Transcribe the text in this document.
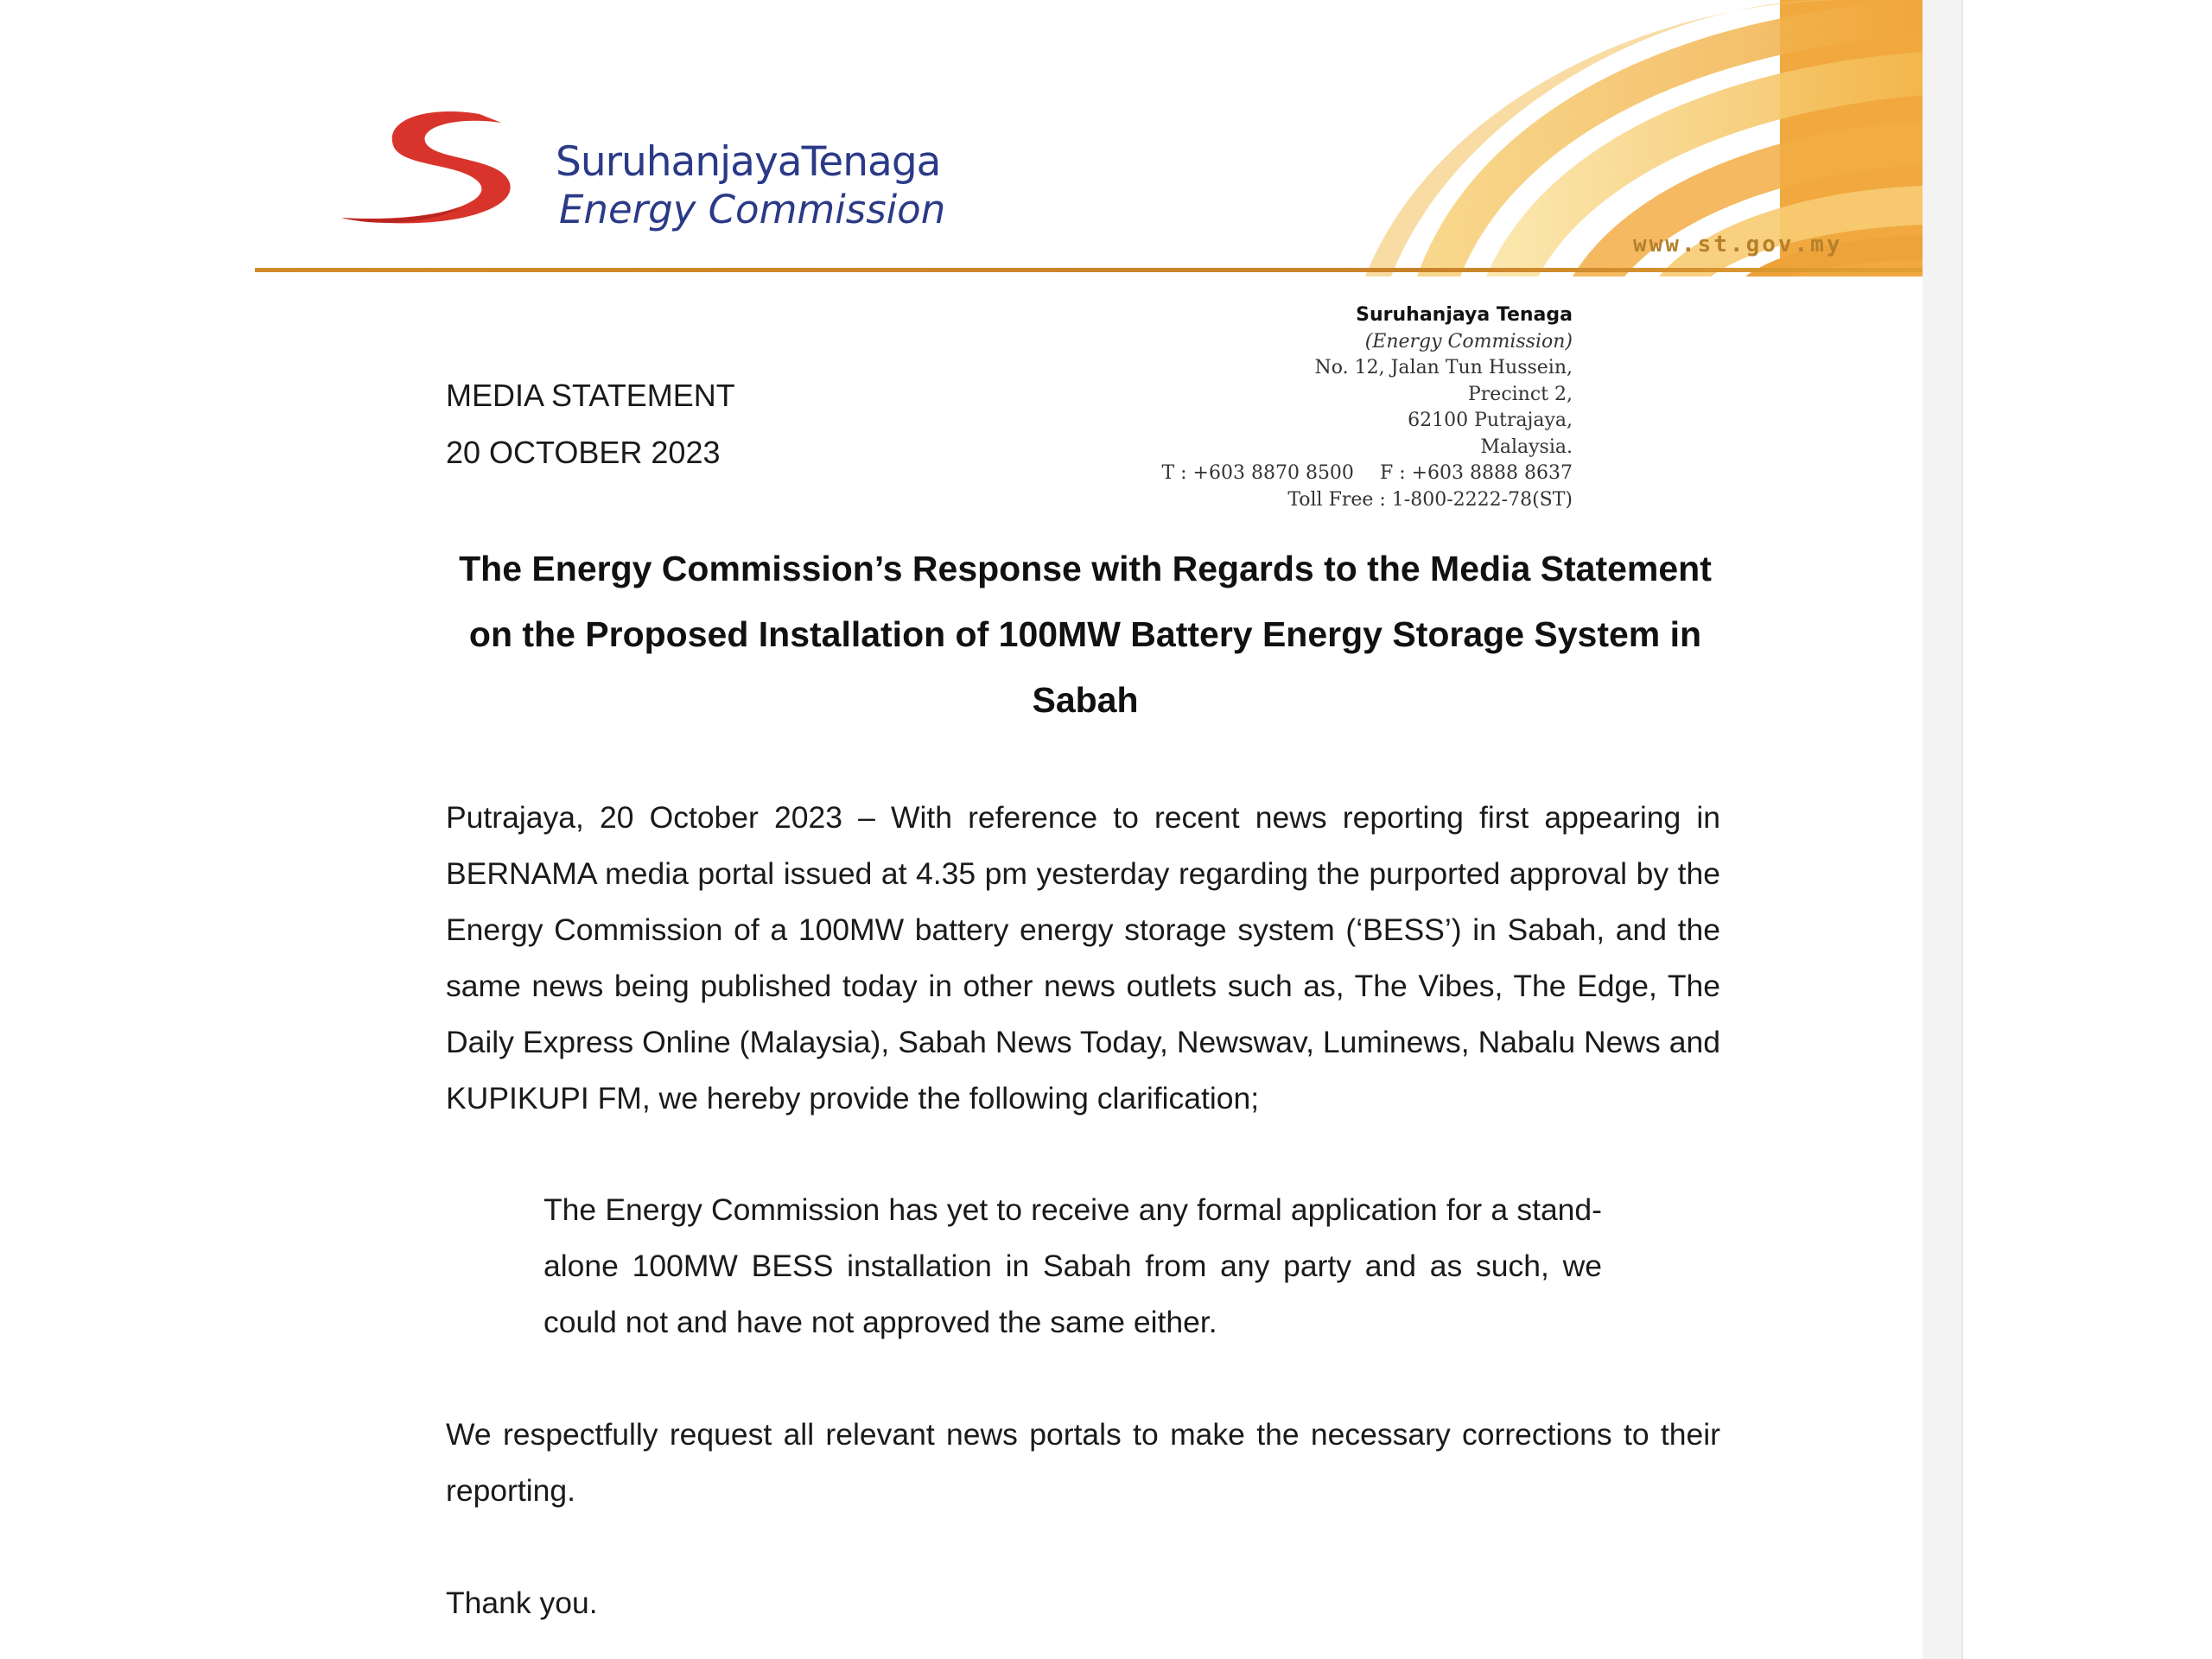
SuruhanjayaTenaga
Energy Commission
www.st.gov.my
Suruhanjaya Tenaga
(Energy Commission)
No. 12, Jalan Tun Hussein,
Precinct 2,
62100 Putrajaya,
Malaysia.
T : +603 8870 8500 F : +603 8888 8637
Toll Free : 1-800-2222-78(ST)
MEDIA STATEMENT
20 OCTOBER 2023
The Energy Commission’s Response with Regards to the Media Statement on the Proposed Installation of 100MW Battery Energy Storage System in Sabah
Putrajaya, 20 October 2023 – With reference to recent news reporting first appearing in BERNAMA media portal issued at 4.35 pm yesterday regarding the purported approval by the Energy Commission of a 100MW battery energy storage system (‘BESS’) in Sabah, and the same news being published today in other news outlets such as, The Vibes, The Edge, The Daily Express Online (Malaysia), Sabah News Today, Newswav, Luminews, Nabalu News and KUPIKUPI FM, we hereby provide the following clarification;
The Energy Commission has yet to receive any formal application for a stand-alone 100MW BESS installation in Sabah from any party and as such, we could not and have not approved the same either.
We respectfully request all relevant news portals to make the necessary corrections to their reporting.
Thank you.
